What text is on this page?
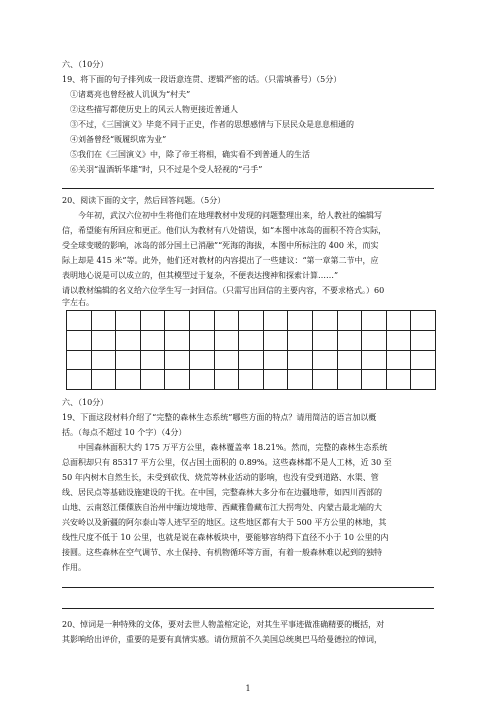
六、（10分）
19、将下面的句子排列成一段语意连贯、逻辑严密的话。（只需填番号）（5分）
①诸葛亮也曾经被人讥讽为“村夫”
②这些描写都使历史上的风云人物更接近普通人
③不过，《三国演义》毕竟不同于正史，作者的思想感情与下层民众是息息相通的
④刘备曾经“贩履织席为业”
⑤我们在《三国演义》中，除了帝王将相，确实看不到普通人的生活
⑥关羽“温酒斩华雄”时，只不过是个受人轻视的“弓手”
20、阅读下面的文字，然后回答问题。（5分）
今年初，武汉六位初中生将他们在地理教材中发现的问题整理出来，给人教社的编辑写
信，希望能有所回应和更正。他们认为教材有八处错误，如“本图中冰岛的面积不符合实际，
受全球变暖的影响，冰岛的部分国土已消融”“死海的海拔，本图中所标注的 400 米，而实
际上却是 415 米”等。此外，他们还对教材的内容提出了一些建议：“第一章第二节中，应
表明地心说是可以成立的，但其模型过于复杂，不便表达搜神和探索计算……”
请以教材编辑的名义给六位学生写一封回信。（只需写出回信的主要内容，不要求格式。）60
字左右。

六、（10分）
19、下面这段材料介绍了“完整的森林生态系统”哪些方面的特点？请用简洁的语言加以概
括。（每点不超过 10 个字）（4分）
中国森林面积大约 175 万平方公里，森林覆盖率 18.21%。然而，完整的森林生态系统
总面积却只有 85317 平方公里，仅占国土面积的 0.89%。这些森林都不是人工林，近 30 至
50 年内树木自然生长，未受到砍伐、烧荒等林业活动的影响，也没有受到道路、水渠、管
线、居民点等基础设施建设的干扰。在中国，完整森林大多分布在边疆地带，如四川西部的
山地、云南怒江傈僳族自治州中缅边境地带、西藏雅鲁藏布江大拐弯处、内蒙古最北端的大
兴安岭以及新疆的阿尔泰山等人迹罕至的地区。这些地区都有大于 500 平方公里的林地，其
线性尺度不低于 10 公里，也就是说在森林板块中，要能够容纳得下直径不小于 10 公里的内
接圆。这些森林在空气调节、水土保持、有机物循环等方面，有着一般森林难以起到的独特
作用。
20、悼词是一种特殊的文体，要对去世人物盖棺定论，对其生平事迹做准确精要的概括，对
其影响给出评价，重要的是要有真情实感。请仿照前不久美国总统奥巴马给曼德拉的悼词，
1
